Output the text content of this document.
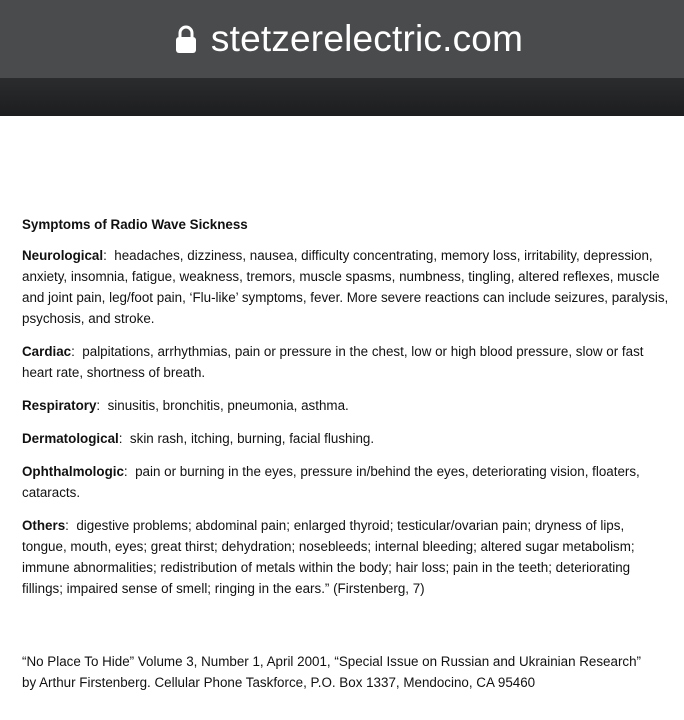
stetzerelectric.com
Symptoms of Radio Wave Sickness
Neurological:  headaches, dizziness, nausea, difficulty concentrating, memory loss, irritability, depression, anxiety, insomnia, fatigue, weakness, tremors, muscle spasms, numbness, tingling, altered reflexes, muscle and joint pain, leg/foot pain, ‘Flu-like’ symptoms, fever. More severe reactions can include seizures, paralysis, psychosis, and stroke.
Cardiac:  palpitations, arrhythmias, pain or pressure in the chest, low or high blood pressure, slow or fast heart rate, shortness of breath.
Respiratory:  sinusitis, bronchitis, pneumonia, asthma.
Dermatological:  skin rash, itching, burning, facial flushing.
Ophthalmologic:  pain or burning in the eyes, pressure in/behind the eyes, deteriorating vision, floaters, cataracts.
Others:  digestive problems; abdominal pain; enlarged thyroid; testicular/ovarian pain; dryness of lips, tongue, mouth, eyes; great thirst; dehydration; nosebleeds; internal bleeding; altered sugar metabolism; immune abnormalities; redistribution of metals within the body; hair loss; pain in the teeth; deteriorating fillings; impaired sense of smell; ringing in the ears.” (Firstenberg, 7)

“No Place To Hide” Volume 3, Number 1, April 2001, “Special Issue on Russian and Ukrainian Research”

by Arthur Firstenberg. Cellular Phone Taskforce, P.O. Box 1337, Mendocino, CA 95460
